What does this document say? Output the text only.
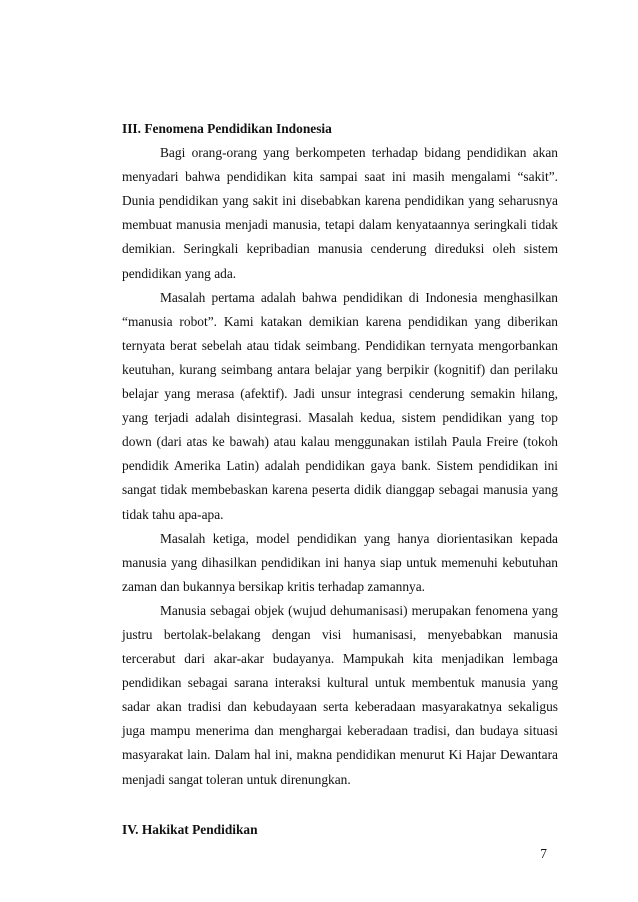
III. Fenomena Pendidikan Indonesia

Bagi orang-orang yang berkompeten terhadap bidang pendidikan akan menyadari bahwa pendidikan kita sampai saat ini masih mengalami “sakit”. Dunia pendidikan yang sakit ini disebabkan karena pendidikan yang seharusnya membuat manusia menjadi manusia, tetapi dalam kenyataannya seringkali tidak demikian. Seringkali kepribadian manusia cenderung direduksi oleh sistem pendidikan yang ada.

Masalah pertama adalah bahwa pendidikan di Indonesia menghasilkan “manusia robot”. Kami katakan demikian karena pendidikan yang diberikan ternyata berat sebelah atau tidak seimbang. Pendidikan ternyata mengorbankan keutuhan, kurang seimbang antara belajar yang berpikir (kognitif) dan perilaku belajar yang merasa (afektif). Jadi unsur integrasi cenderung semakin hilang, yang terjadi adalah disintegrasi. Masalah kedua, sistem pendidikan yang top down (dari atas ke bawah) atau kalau menggunakan istilah Paula Freire (tokoh pendidik Amerika Latin) adalah pendidikan gaya bank. Sistem pendidikan ini sangat tidak membebaskan karena peserta didik dianggap sebagai manusia yang tidak tahu apa-apa.

Masalah ketiga, model pendidikan yang hanya diorientasikan kepada manusia yang dihasilkan pendidikan ini hanya siap untuk memenuhi kebutuhan zaman dan bukannya bersikap kritis terhadap zamannya.

Manusia sebagai objek (wujud dehumanisasi) merupakan fenomena yang justru bertolak-belakang dengan visi humanisasi, menyebabkan manusia tercerabut dari akar-akar budayanya. Mampukah kita menjadikan lembaga pendidikan sebagai sarana interaksi kultural untuk membentuk manusia yang sadar akan tradisi dan kebudayaan serta keberadaan masyarakatnya sekaligus juga mampu menerima dan menghargai keberadaan tradisi, dan budaya situasi masyarakat lain. Dalam hal ini, makna pendidikan menurut Ki Hajar Dewantara menjadi sangat toleran untuk direnungkan.

IV. Hakikat Pendidikan

7
